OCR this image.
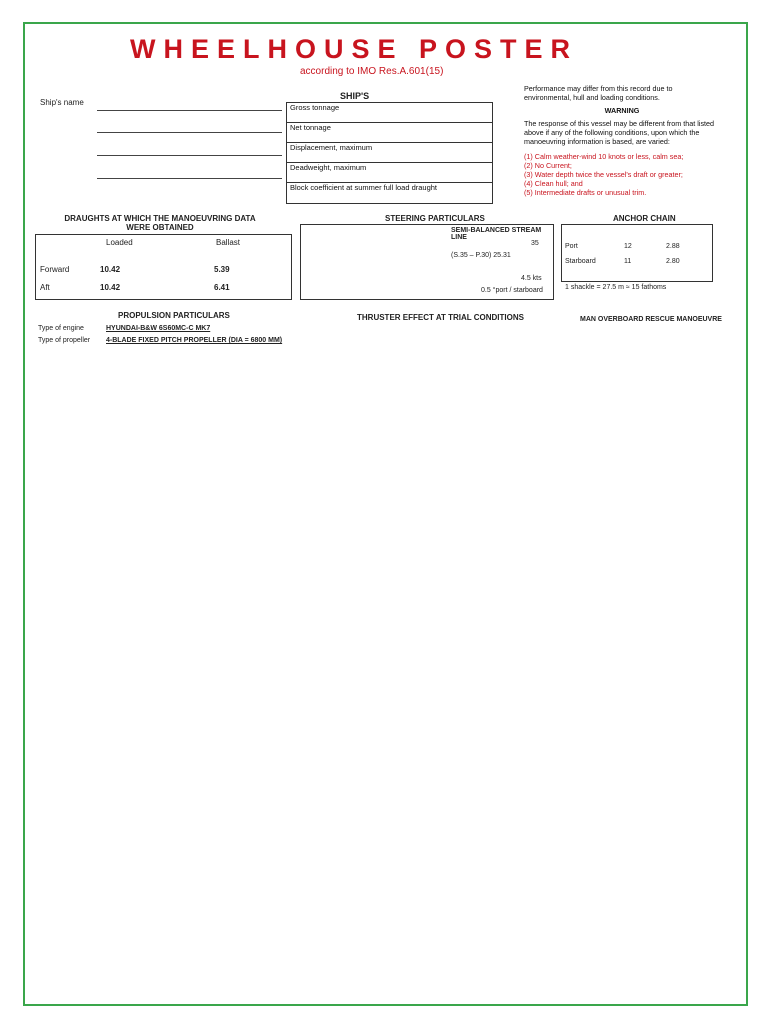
WHEELHOUSE POSTER
according to IMO Res.A.601(15)
Ship's name
SHIP'S
Gross tonnage
Net tonnage
Displacement, maximum
Deadweight, maximum
Block coefficient at summer full load draught
Performance may differ from this record due to environmental, hull and loading conditions.
WARNING
The response of this vessel may be different from that listed above if any of the following conditions, upon which the manoeuvring information is based, are varied:
(1) Calm weather-wind 10 knots or less, calm sea;
(2) No Current;
(3) Water depth twice the vessel's draft or greater;
(4) Clean hull; and
(5) Intermediate drafts or unusual trim.
DRAUGHTS AT WHICH THE MANOEUVRING DATA WERE OBTAINED
Loaded	Ballast
Forward	10.42	5.39
Aft	10.42	6.41
STEERING PARTICULARS
SEMI-BALANCED STREAM LINE
35
(S.35 – P.30) 25.31
4.5 kts
0.5 °port / starboard
ANCHOR CHAIN
Port	12	2.88
Starboard	11	2.80
1 shackle = 27.5 m ≈ 15 fathoms
PROPULSION PARTICULARS
Type of engine	HYUNDAI-B&W 6S60MC-C MK7
Type of propeller 4-BLADE FIXED PITCH PROPELLER (DIA = 6800 MM)
THRUSTER EFFECT AT TRIAL CONDITIONS	MAN OVERBOARD RESCUE MANOEUVRE
